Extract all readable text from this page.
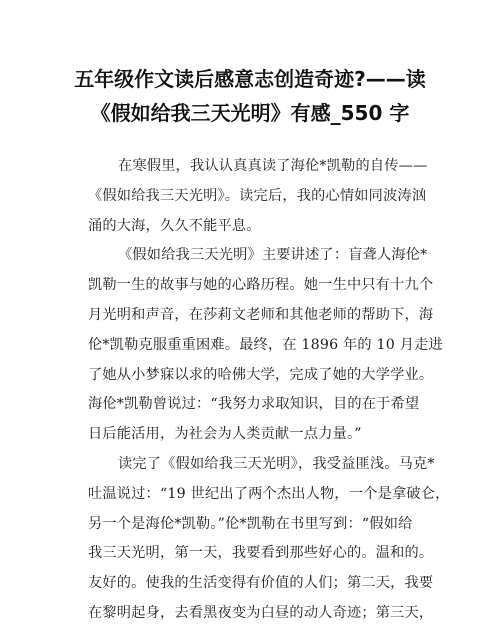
五年级作文读后感意志创造奇迹?——读
《假如给我三天光明》有感_550 字
在寒假里，我认认真真读了海伦*凯勒的自传——
《假如给我三天光明》。读完后，我的心情如同波涛汹
涌的大海，久久不能平息。
《假如给我三天光明》主要讲述了：盲聋人海伦*
凯勒一生的故事与她的心路历程。她一生中只有十九个
月光明和声音，在莎莉文老师和其他老师的帮助下，海
伦*凯勒克服重重困难。最终，在 1896 年的 10 月走进
了她从小梦寐以求的哈佛大学，完成了她的大学学业。
海伦*凯勒曾说过：“我努力求取知识，目的在于希望
日后能活用，为社会为人类贡献一点力量。”
读完了《假如给我三天光明》，我受益匪浅。马克*
吐温说过：“19 世纪出了两个杰出人物，一个是拿破仑，
另一个是海伦*凯勒。”伦*凯勒在书里写到：“假如给
我三天光明，第一天，我要看到那些好心的。温和的。
友好的。使我的生活变得有价值的人们；第二天，我要
在黎明起身，去看黑夜变为白昼的动人奇迹；第三天，
